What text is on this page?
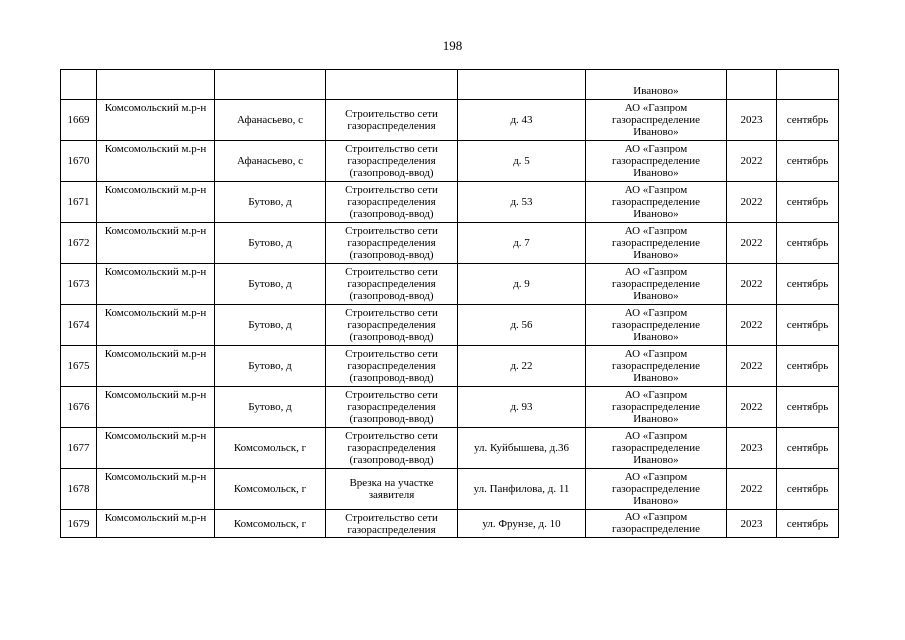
198
					Иваново»		
1669	Комсомольский м.р-н	Афанасьево, с	Строительство сети газораспределения	д. 43	АО «Газпром газораспределение Иваново»	2023	сентябрь
1670	Комсомольский м.р-н	Афанасьево, с	Строительство сети газораспределения (газопровод-ввод)	д. 5	АО «Газпром газораспределение Иваново»	2022	сентябрь
1671	Комсомольский м.р-н	Бутово, д	Строительство сети газораспределения (газопровод-ввод)	д. 53	АО «Газпром газораспределение Иваново»	2022	сентябрь
1672	Комсомольский м.р-н	Бутово, д	Строительство сети газораспределения (газопровод-ввод)	д. 7	АО «Газпром газораспределение Иваново»	2022	сентябрь
1673	Комсомольский м.р-н	Бутово, д	Строительство сети газораспределения (газопровод-ввод)	д. 9	АО «Газпром газораспределение Иваново»	2022	сентябрь
1674	Комсомольский м.р-н	Бутово, д	Строительство сети газораспределения (газопровод-ввод)	д. 56	АО «Газпром газораспределение Иваново»	2022	сентябрь
1675	Комсомольский м.р-н	Бутово, д	Строительство сети газораспределения (газопровод-ввод)	д. 22	АО «Газпром газораспределение Иваново»	2022	сентябрь
1676	Комсомольский м.р-н	Бутово, д	Строительство сети газораспределения (газопровод-ввод)	д. 93	АО «Газпром газораспределение Иваново»	2022	сентябрь
1677	Комсомольский м.р-н	Комсомольск, г	Строительство сети газораспределения (газопровод-ввод)	ул. Куйбышева, д.36	АО «Газпром газораспределение Иваново»	2023	сентябрь
1678	Комсомольский м.р-н	Комсомольск, г	Врезка на участке заявителя	ул. Панфилова, д. 11	АО «Газпром газораспределение Иваново»	2022	сентябрь
1679	Комсомольский м.р-н	Комсомольск, г	Строительство сети газораспределения	ул. Фрунзе, д. 10	АО «Газпром газораспределение	2023	сентябрь
